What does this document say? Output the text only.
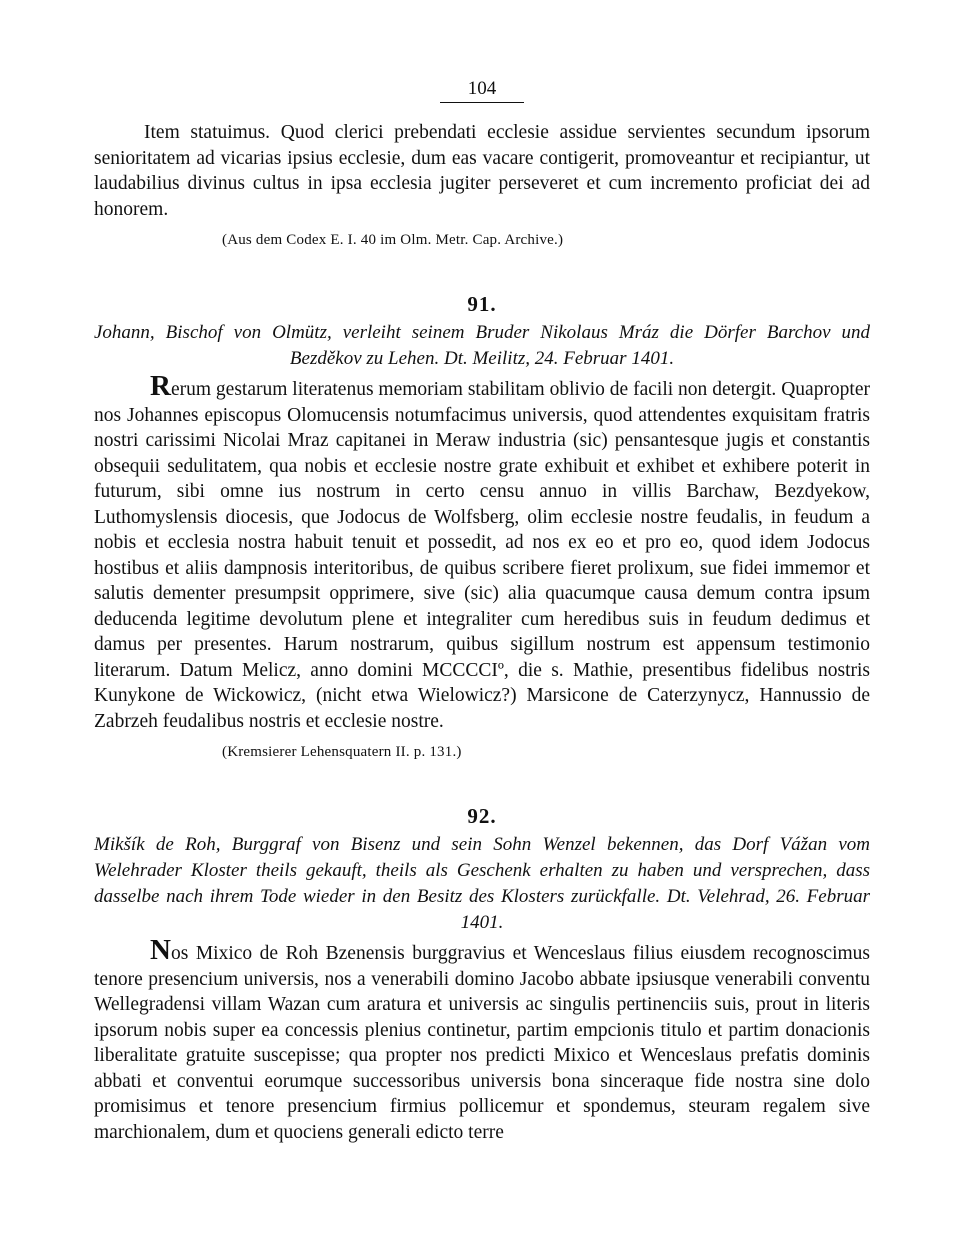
104

Item statuimus. Quod clerici prebendati ecclesie assidue servientes secundum ipsorum senioritatem ad vicarias ipsius ecclesie, dum eas vacare contigerit, promoveantur et recipiantur, ut laudabilius divinus cultus in ipsa ecclesia jugiter perseveret et cum incremento proficiat dei ad honorem.

(Aus dem Codex E. I. 40 im Olm. Metr. Cap. Archive.)
91.

Johann, Bischof von Olmütz, verleiht seinem Bruder Nikolaus Mráz die Dörfer Barchov und Bezděkov zu Lehen. Dt. Meilitz, 24. Februar 1401.

Rerum gestarum literatenus memoriam stabilitam oblivio de facili non detergit. Quapropter nos Johannes episcopus Olomucensis notumfacimus universis, quod attendentes exquisitam fratris nostri carissimi Nicolai Mraz capitanei in Meraw industria (sic) pensantesque jugis et constantis obsequii sedulitatem, qua nobis et ecclesie nostre grate exhibuit et exhibet et exhibere poterit in futurum, sibi omne ius nostrum in certo censu annuo in villis Barchaw, Bezdyekow, Luthomyslensis diocesis, que Jodocus de Wolfsberg, olim ecclesie nostre feudalis, in feudum a nobis et ecclesia nostra habuit tenuit et possedit, ad nos ex eo et pro eo, quod idem Jodocus hostibus et aliis dampnosis interitoribus, de quibus scribere fieret prolixum, sue fidei immemor et salutis dementer presumpsit opprimere, sive (sic) alia quacumque causa demum contra ipsum deducenda legitime devolutum plene et integraliter cum heredibus suis in feudum dedimus et damus per presentes. Harum nostrarum, quibus sigillum nostrum est appensum testimonio literarum. Datum Melicz, anno domini MCCCCIº, die s. Mathie, presentibus fidelibus nostris Kunykone de Wickowicz, (nicht etwa Wielowicz?) Marsicone de Caterzynycz, Hannussio de Zabrzeh feudalibus nostris et ecclesie nostre.

(Kremsierer Lehensquatern II. p. 131.)
92.

Mikšík de Roh, Burggraf von Bisenz und sein Sohn Wenzel bekennen, das Dorf Vážan vom Welehrader Kloster theils gekauft, theils als Geschenk erhalten zu haben und versprechen, dass dasselbe nach ihrem Tode wieder in den Besitz des Klosters zurückfalle. Dt. Velehrad, 26. Februar 1401.

Nos Mixico de Roh Bzenensis burggravius et Wenceslaus filius eiusdem recognoscimus tenore presencium universis, nos a venerabili domino Jacobo abbate ipsiusque venerabili conventu Wellegradensi villam Wazan cum aratura et universis ac singulis pertinenciis suis, prout in literis ipsorum nobis super ea concessis plenius continetur, partim empcionis titulo et partim donacionis liberalitate gratuite suscepisse; qua propter nos predicti Mixico et Wenceslaus prefatis dominis abbati et conventui eorumque successoribus universis bona sinceraque fide nostra sine dolo promisimus et tenore presencium firmius pollicemur et spondemus, steuram regalem sive marchionalem, dum et quociens generali edicto terre
